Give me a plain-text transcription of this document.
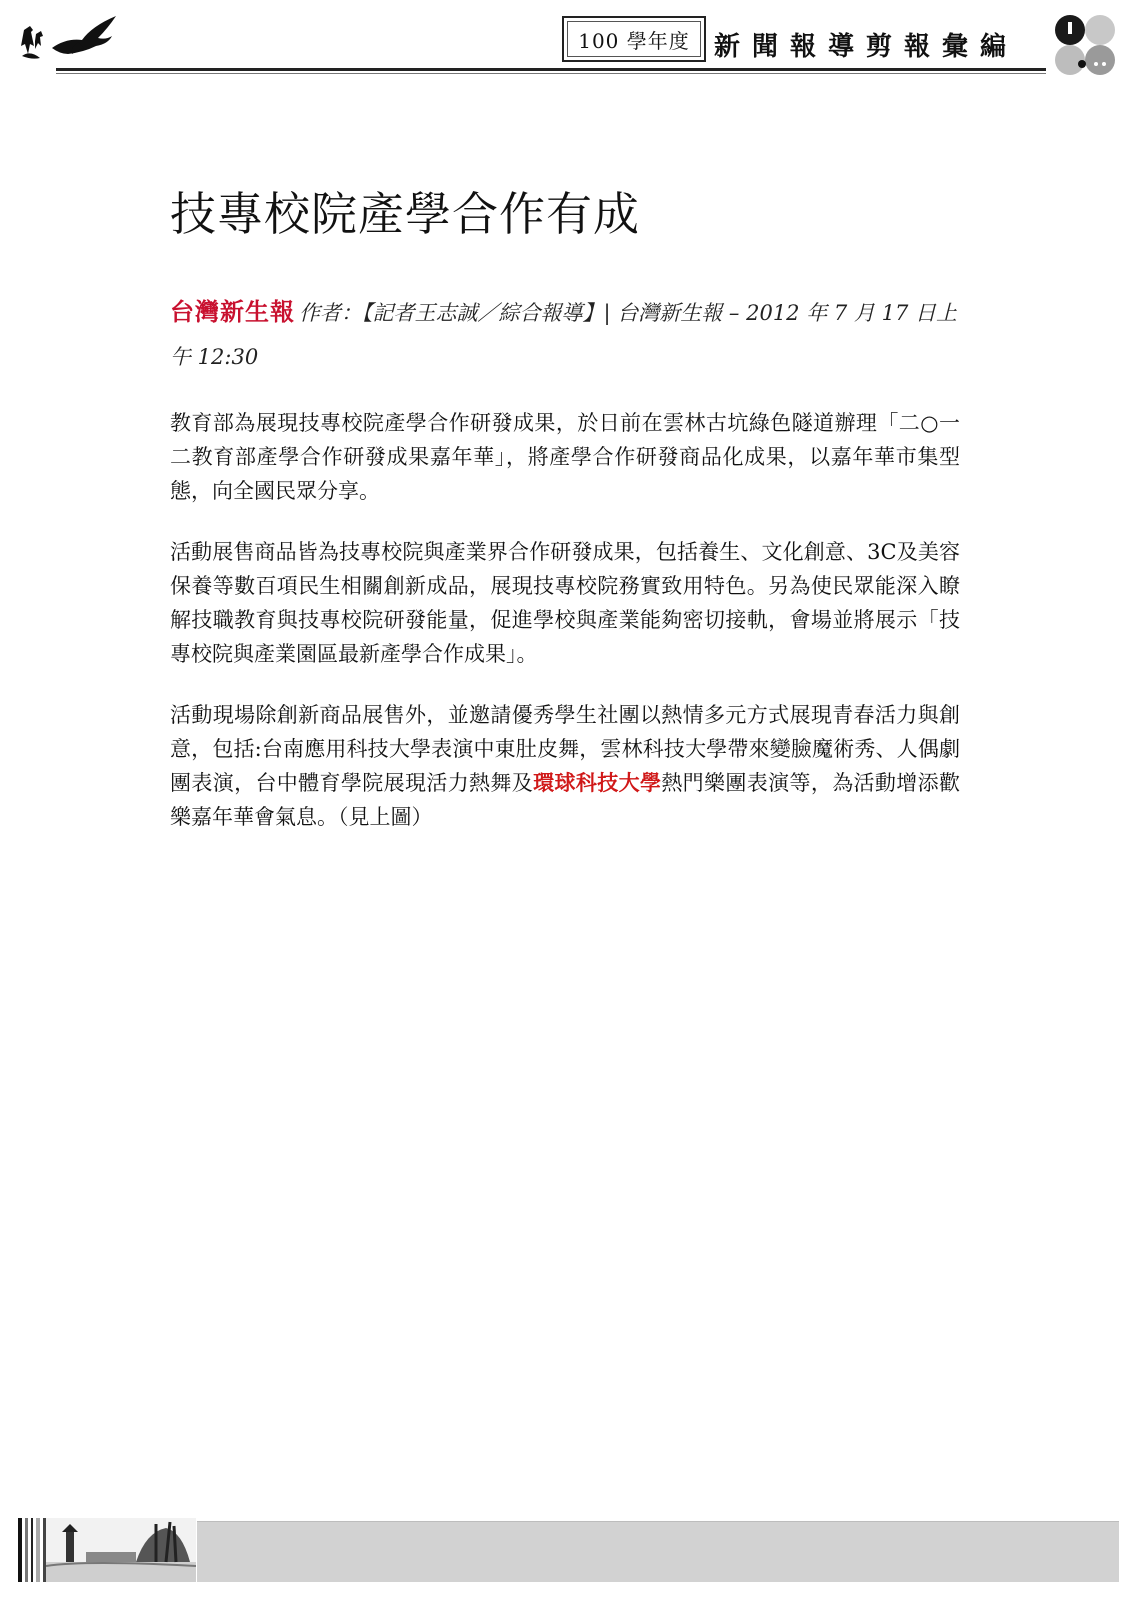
100 學年度 新聞報導剪報彙編
技專校院產學合作有成
台灣新生報 作者：【記者王志誠／綜合報導】| 台灣新生報 – 2012 年 7 月 17 日上午 12:30

教育部為展現技專校院產學合作研發成果，於日前在雲林古坑綠色隧道辦理「二○一二教育部產學合作研發成果嘉年華」，將產學合作研發商品化成果，以嘉年華市集型態，向全國民眾分享。

活動展售商品皆為技專校院與產業界合作研發成果，包括養生、文化創意、3C及美容保養等數百項民生相關創新成品，展現技專校院務實致用特色。另為使民眾能深入瞭解技職教育與技專校院研發能量，促進學校與產業能夠密切接軌，會場並將展示「技專校院與產業園區最新產學合作成果」。

活動現場除創新商品展售外，並邀請優秀學生社團以熱情多元方式展現青春活力與創意，包括:台南應用科技大學表演中東肚皮舞，雲林科技大學帶來變臉魔術秀、人偶劇團表演，台中體育學院展現活力熱舞及環球科技大學熱門樂團表演等，為活動增添歡樂嘉年華會氣息。（見上圖）
